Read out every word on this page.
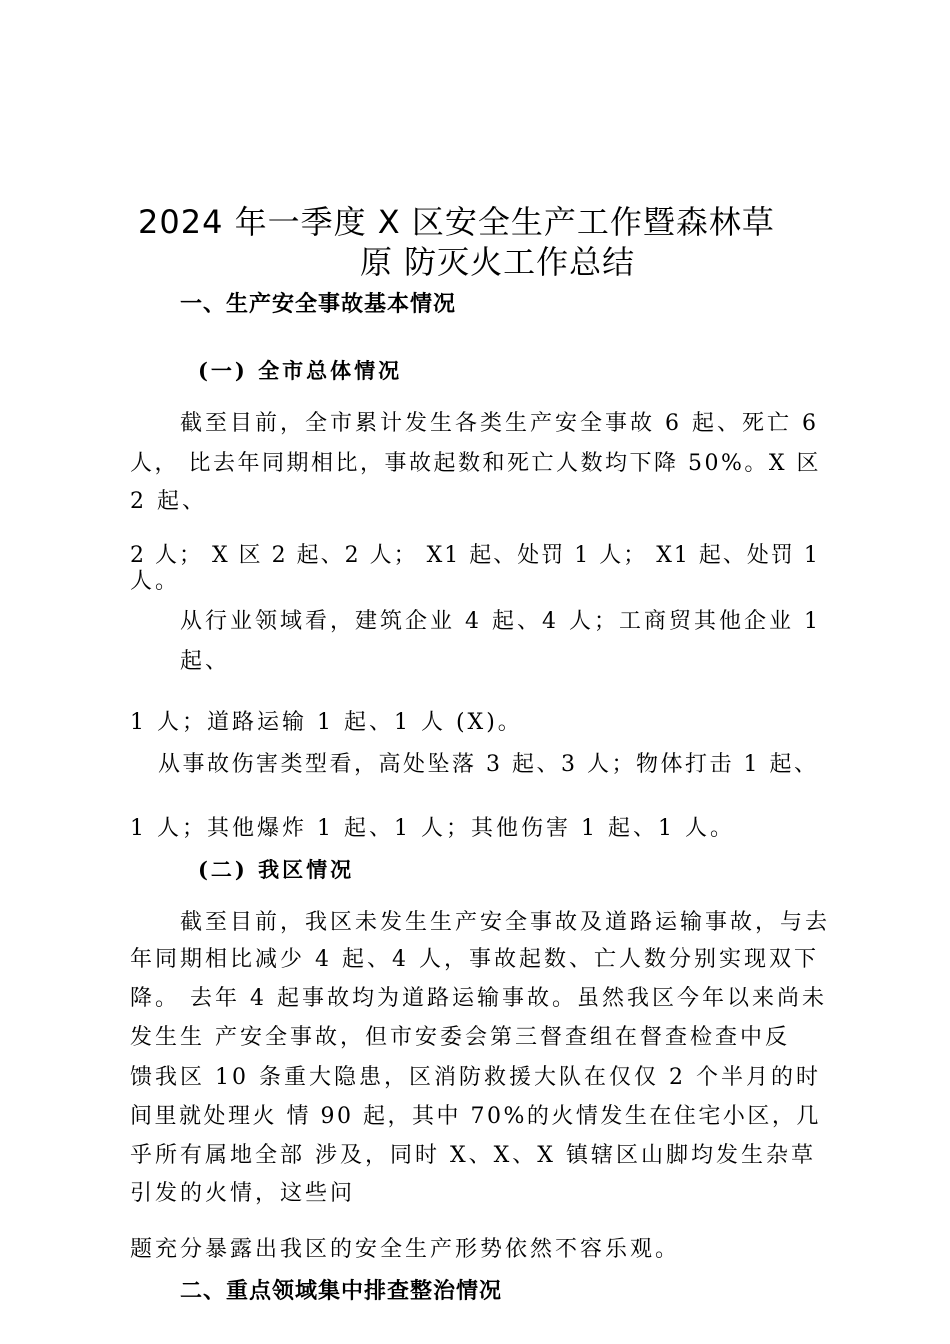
2024 年一季度 X 区安全生产工作暨森林草
原 防灭火工作总结
一、生产安全事故基本情况
(一) 全市总体情况
截至目前，全市累计发生各类生产安全事故 6 起、死亡 6
人， 比去年同期相比，事故起数和死亡人数均下降 50%。X 区
2 起、
2 人； X 区 2 起、2 人； X1 起、处罚 1 人； X1 起、处罚 1
人。
从行业领域看，建筑企业 4 起、4 人；工商贸其他企业 1
起、
1 人；道路运输 1 起、1 人 (X)。
从事故伤害类型看，高处坠落 3 起、3 人；物体打击 1 起、
1 人；其他爆炸 1 起、1 人；其他伤害 1 起、1 人。
(二) 我区情况
截至目前，我区未发生生产安全事故及道路运输事故，与去
年同期相比减少 4 起、4 人，事故起数、亡人数分别实现双下
降。 去年 4 起事故均为道路运输事故。虽然我区今年以来尚未
发生生 产安全事故，但市安委会第三督查组在督查检查中反
馈我区 10 条重大隐患，区消防救援大队在仅仅 2 个半月的时
间里就处理火 情 90 起，其中 70%的火情发生在住宅小区，几
乎所有属地全部 涉及，同时 X、X、X 镇辖区山脚均发生杂草
引发的火情，这些问
题充分暴露出我区的安全生产形势依然不容乐观。
二、重点领域集中排查整治情况
